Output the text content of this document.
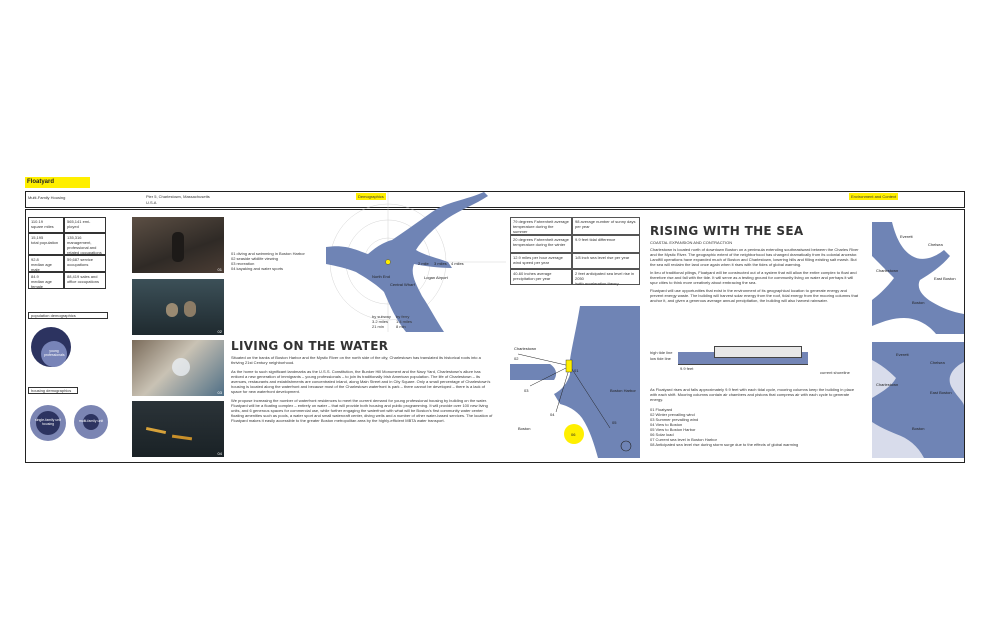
Floatyard
Multi-Family Housing	Pier 5, Charlestown, Massachusetts
U.S.A
Demographics	Environment and Context
110.19
square miles
565,141 emi-
ployed
15,195
total population
135,316
management, professional and related occupations
92.8
median age male
59,687 service
occupations
84.9
median age female
88,419 sales and
office occupations
population demographics
young professionals
housing demographics
single-family unit housing
multi-family unit
01
02
03
04
01 diving and swimming in Boston Harbor
02 seaside wildlife viewing
03 recreation
04 kayaking and water sports
2 mile 3 miles 4 miles
North End
Central Wharf
Logan Airport
by subway
3.2 miles
21 min
by ferry
1.4 miles
8 min
LIVING ON THE WATER

Situated on the banks of Boston Harbor and the Mystic River on the north side of the city, Charlestown has translated its historical roots into a thriving 21st Century neighborhood.

As the home to such significant landmarks as the U.S.S. Constitution, the Bunker Hill Monument and the Navy Yard, Charlestown's allure has enticed a new generation of immigrants – young professionals – to join its traditionally Irish American population. The life of Charlestown – its avenues, restaurants and establishments are concentrated inland, along Main Street and in City Square. Only a small percentage of Charlestown's housing is located along the waterfront and because most of the Charlestown waterfront is park – there cannot be developed – there is a lack of space for new waterfront development.

We propose increasing the number of waterfront residences to meet the current demand for young professional housing by building on the water. Floatyard will be a floating complex – entirely on water – that will provide both housing and public programming. It will provide over 100 new living units, and 6 generous spaces for commercial use, while further engaging the waterfront with what will be Boston's first community water center floating amenities such as pools, a water sport and small watercraft center, diving wells and a number of other water-based services. The location of Floatyard makes it easily accessible to the greater Boston metropolitan area by the highly-efficient MBTA water transport.

79 degrees Fahrenheit average temperature during the summer
98 average number of sunny days per year
20 degrees Fahrenheit average temperature during the winter
9.9 feet tidal difference
12.9 miles per hour average wind speed per year
1/8 inch sea level rise per year
40-60 inches average precipitation per year
2 feet anticipated sea level rise in 2050
*with acceleration theory
Charlestown
Boston
Boston Harbor
01
02
03
04
05
06
RISING WITH THE SEA
COASTAL EXPANSION AND CONTRACTION

Charlestown is located north of downtown Boston on a peninsula extending southeastward between the Charles River and the Mystic River. The geographic extent of the neighborhood has changed dramatically from its colonial ancestor. Landfill operations have expanded much of Boston and Charlestown, lowering hills and filling existing salt marsh. But the sea will reclaim the land once again when it rises with the tides of global warming.

In lieu of traditional pilings, Floatyard will be constructed out of a system that will allow the entire complex to float and therefore rise and fall with the tide. It will serve as a testing ground for community living on water and perhaps it will spur cities to think more creatively about embracing the sea.

Floatyard will use opportunities that exist in the environment of its geographical location to generate energy and prevent energy waste. The building will harvest solar energy from the roof, tidal energy from the mooring columns that anchor it, and given a generous average annual precipitation, the building will also harvest rainwater.

high tide line
low tide line
9.9 feet
current shoreline
As Floatyard rises and falls approximately 9.9 feet with each tidal cycle, mooring columns keep the building in place with each shift. Mooring columns contain air chambers and pistons that compress air with each cycle to generate energy.
01 Floatyard
02 Winter prevailing wind
03 Summer prevailing wind
04 View to Boston
05 View to Boston Harbor
06 Solar load
07 Current sea level in Boston Harbor
08 Anticipated sea level rise during storm surge due to the effects of global warming
Everett
Chelsea
Charlestown
East Boston
Boston
Everett
Chelsea
Charlestown
East Boston
Boston
